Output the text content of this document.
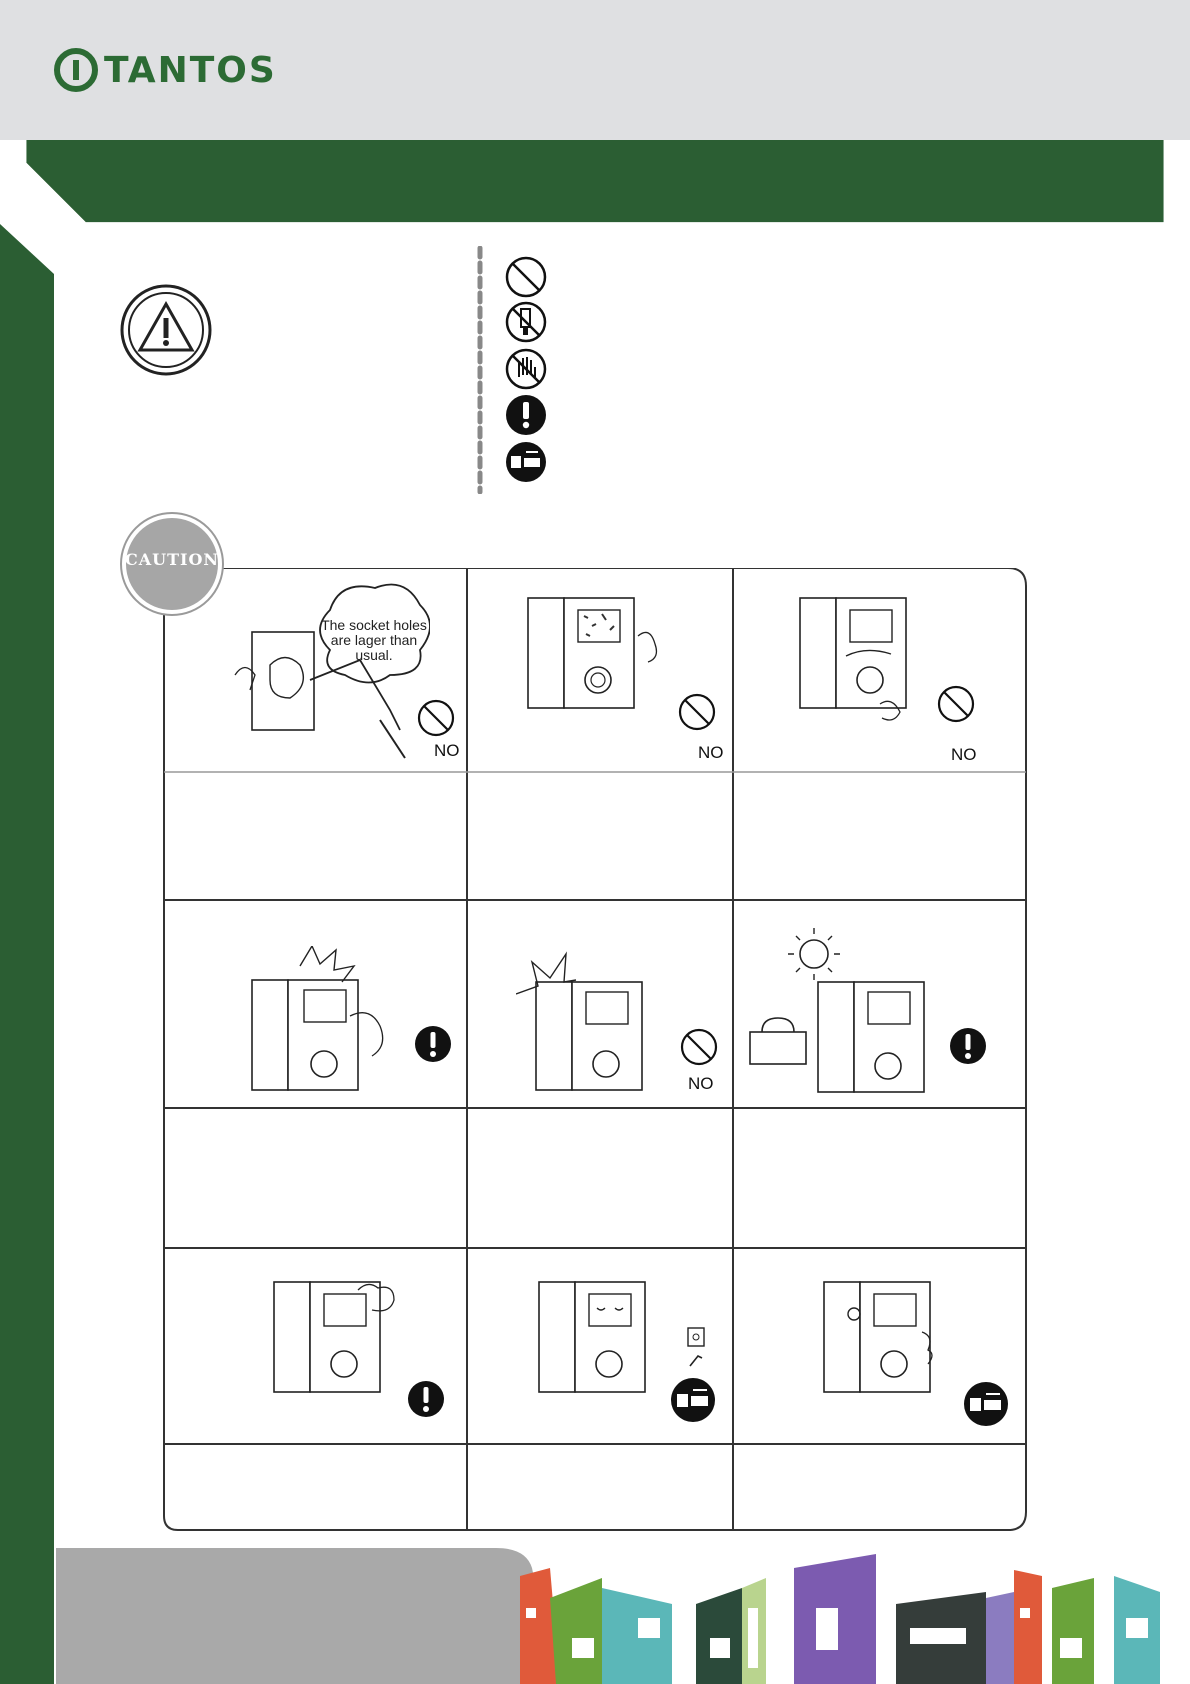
TANTOS
CAUTION
The socket holes are lager than usual.
NO	NO	NO
NO
